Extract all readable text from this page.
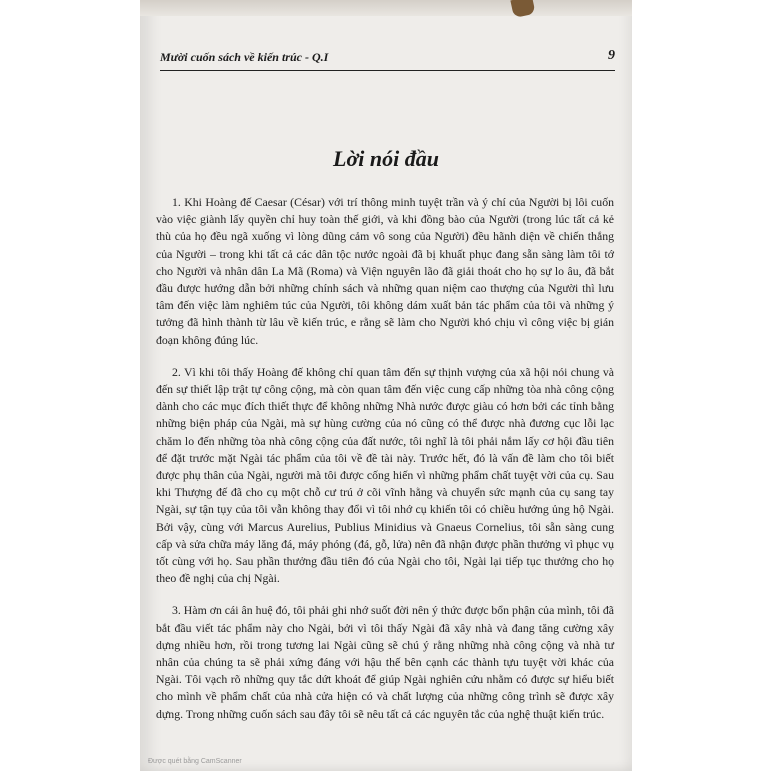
Mười cuốn sách về kiến trúc - Q.I	9
Lời nói đầu

1. Khi Hoàng đế Caesar (César) với trí thông minh tuyệt trần và ý chí của Người bị lôi cuốn vào việc giành lấy quyền chỉ huy toàn thế giới, và khi đồng bào của Người (trong lúc tất cả kẻ thù của họ đều ngã xuống vì lòng dũng cảm vô song của Người) đều hãnh diện về chiến thắng của Người – trong khi tất cả các dân tộc nước ngoài đã bị khuất phục đang sẵn sàng làm tôi tớ cho Người và nhân dân La Mã (Roma) và Viện nguyên lão đã giải thoát cho họ sự lo âu, đã bắt đầu được hướng dẫn bởi những chính sách và những quan niệm cao thượng của Người thì lưu tâm đến việc làm nghiêm túc của Người, tôi không dám xuất bản tác phẩm của tôi và những ý tưởng đã hình thành từ lâu về kiến trúc, e rằng sẽ làm cho Người khó chịu vì công việc bị gián đoạn không đúng lúc.

2. Vì khi tôi thấy Hoàng đế không chỉ quan tâm đến sự thịnh vượng của xã hội nói chung và đến sự thiết lập trật tự công cộng, mà còn quan tâm đến việc cung cấp những tòa nhà công cộng dành cho các mục đích thiết thực để không những Nhà nước được giàu có hơn bởi các tỉnh bằng những biện pháp của Ngài, mà sự hùng cường của nó cũng có thể được nhà đương cục lỗi lạc chăm lo đến những tòa nhà công cộng của đất nước, tôi nghĩ là tôi phải nắm lấy cơ hội đầu tiên để đặt trước mặt Ngài tác phẩm của tôi về đề tài này. Trước hết, đó là vấn đề làm cho tôi biết được phụ thân của Ngài, người mà tôi được cống hiến vì những phẩm chất tuyệt vời của cụ. Sau khi Thượng đế đã cho cụ một chỗ cư trú ở cõi vĩnh hằng và chuyển sức mạnh của cụ sang tay Ngài, sự tận tụy của tôi vẫn không thay đổi vì tôi nhớ cụ khiến tôi có chiều hướng ủng hộ Ngài. Bởi vậy, cùng với Marcus Aurelius, Publius Minidius và Gnaeus Cornelius, tôi sẵn sàng cung cấp và sửa chữa máy lăng đá, máy phóng (đá, gỗ, lửa) nên đã nhận được phần thưởng vì phục vụ tốt cùng với họ. Sau phần thưởng đầu tiên đó của Ngài cho tôi, Ngài lại tiếp tục thưởng cho họ theo đề nghị của chị Ngài.

3. Hàm ơn cái ân huệ đó, tôi phải ghi nhớ suốt đời nên ý thức được bổn phận của mình, tôi đã bắt đầu viết tác phẩm này cho Ngài, bởi vì tôi thấy Ngài đã xây nhà và đang tăng cường xây dựng nhiều hơn, rồi trong tương lai Ngài cũng sẽ chú ý rằng những nhà công cộng và nhà tư nhân của chúng ta sẽ phải xứng đáng với hậu thế bên cạnh các thành tựu tuyệt vời khác của Ngài. Tôi vạch rõ những quy tắc dứt khoát để giúp Ngài nghiên cứu nhằm có được sự hiểu biết cho mình về phẩm chất của nhà cửa hiện có và chất lượng của những công trình sẽ được xây dựng. Trong những cuốn sách sau đây tôi sẽ nêu tất cả các nguyên tắc của nghệ thuật kiến trúc.

Được quét bằng CamScanner
